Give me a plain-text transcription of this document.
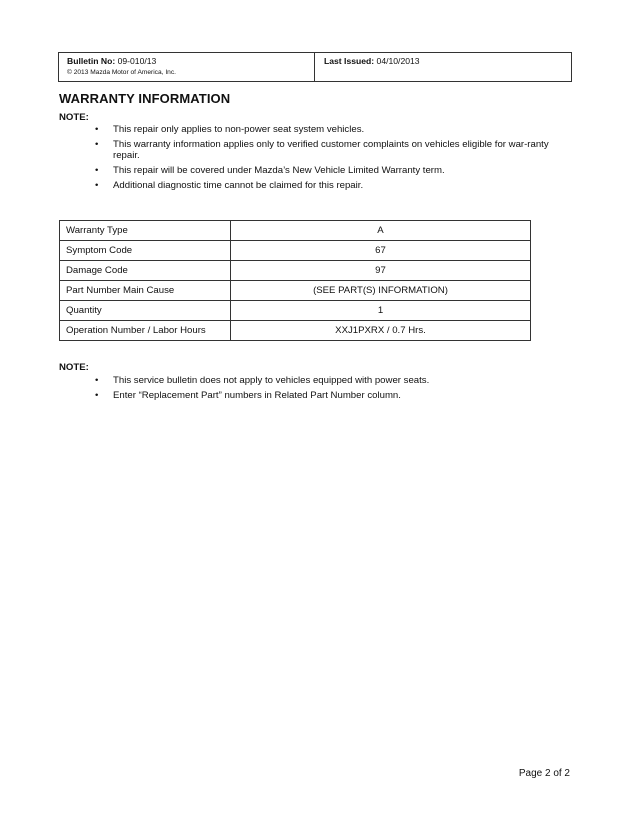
Bulletin No: 09-010/13
© 2013 Mazda Motor of America, Inc.
Last Issued: 04/10/2013
WARRANTY INFORMATION
NOTE:
• This repair only applies to non-power seat system vehicles.
• This warranty information applies only to verified customer complaints on vehicles eligible for war-ranty repair.
• This repair will be covered under Mazda’s New Vehicle Limited Warranty term.
• Additional diagnostic time cannot be claimed for this repair.
Warranty Type	A
Symptom Code	67
Damage Code	97
Part Number Main Cause	(SEE PART(S) INFORMATION)
Quantity	1
Operation Number / Labor Hours	XXJ1PXRX / 0.7 Hrs.
NOTE:
• This service bulletin does not apply to vehicles equipped with power seats.
• Enter “Replacement Part” numbers in Related Part Number column.
Page 2 of 2
